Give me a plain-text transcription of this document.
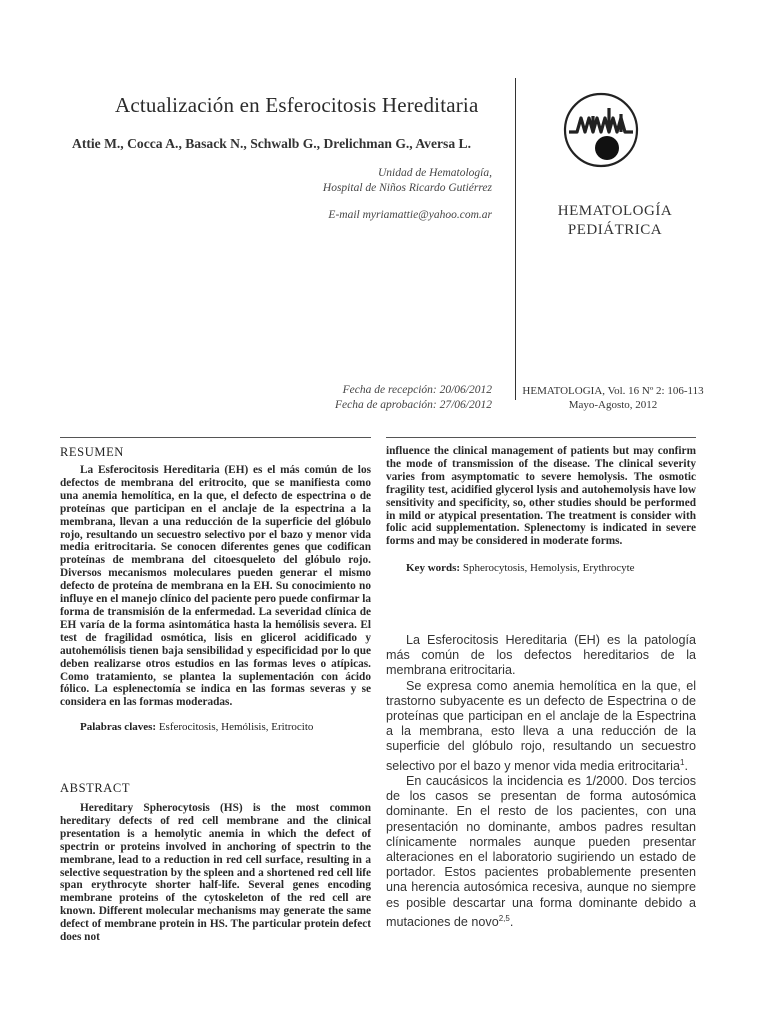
Actualización en Esferocitosis Hereditaria
Attie M., Cocca A., Basack N., Schwalb G., Drelichman G., Aversa L.
Unidad de Hematología,
Hospital de Niños Ricardo Gutiérrez
E-mail myriamattie@yahoo.com.ar
Fecha de recepción: 20/06/2012
Fecha de aprobación: 27/06/2012
HEMATOLOGÍA
PEDIÁTRICA
HEMATOLOGIA, Vol. 16 Nº 2: 106-113
Mayo-Agosto, 2012
RESUMEN

La Esferocitosis Hereditaria (EH) es el más común de los defectos de membrana del eritrocito, que se manifiesta como una anemia hemolítica, en la que, el defecto de espectrina o de proteínas que participan en el anclaje de la espectrina a la membrana, llevan a una reducción de la superficie del glóbulo rojo, resultando un secuestro selectivo por el bazo y menor vida media eritrocitaria. Se conocen diferentes genes que codifican proteínas de membrana del citoesqueleto del glóbulo rojo. Diversos mecanismos moleculares pueden generar el mismo defecto de proteína de membrana en la EH. Su conocimiento no influye en el manejo clínico del paciente pero puede confirmar la forma de transmisión de la enfermedad. La severidad clínica de EH varía de la forma asintomática hasta la hemólisis severa. El test de fragilidad osmótica, lisis en glicerol acidificado y autohemólisis tienen baja sensibilidad y especificidad por lo que deben realizarse otros estudios en las formas leves o atípicas. Como tratamiento, se plantea la suplementación con ácido fólico. La esplenectomía se indica en las formas severas y se considera en las formas moderadas.

Palabras claves: Esferocitosis, Hemólisis, Eritrocito
ABSTRACT

Hereditary Spherocytosis (HS) is the most common hereditary defects of red cell membrane and the clinical presentation is a hemolytic anemia in which the defect of spectrin or proteins involved in anchoring of spectrin to the membrane, lead to a reduction in red cell surface, resulting in a selective sequestration by the spleen and a shortened red cell life span erythrocyte shorter half-life. Several genes encoding membrane proteins of the cytoskeleton of the red cell are known. Different molecular mechanisms may generate the same defect of membrane protein in HS. The particular protein defect does not

influence the clinical management of patients but may confirm the mode of transmission of the disease. The clinical severity varies from asymptomatic to severe hemolysis. The osmotic fragility test, acidified glycerol lysis and autohemolysis have low sensitivity and specificity, so, other studies should be performed in mild or atypical presentation. The treatment is consider with folic acid supplementation. Splenectomy is indicated in severe forms and may be considered in moderate forms.

Key words: Spherocytosis, Hemolysis, Erythrocyte

La Esferocitosis Hereditaria (EH) es la patología más común de los defectos hereditarios de la membrana eritrocitaria.

Se expresa como anemia hemolítica en la que, el trastorno subyacente es un defecto de Espectrina o de proteínas que participan en el anclaje de la Espectrina a la membrana, esto lleva a una reducción de la superficie del glóbulo rojo, resultando un secuestro selectivo por el bazo y menor vida media eritrocitaria$^1$.

En caucásicos la incidencia es 1/2000. Dos tercios de los casos se presentan de forma autosómica dominante. En el resto de los pacientes, con una presentación no dominante, ambos padres resultan clínicamente normales aunque pueden presentar alteraciones en el laboratorio sugiriendo un estado de portador. Estos pacientes probablemente presenten una herencia autosómica recesiva, aunque no siempre es posible descartar una forma dominante debido a mutaciones de novo$^{2,5}$.
